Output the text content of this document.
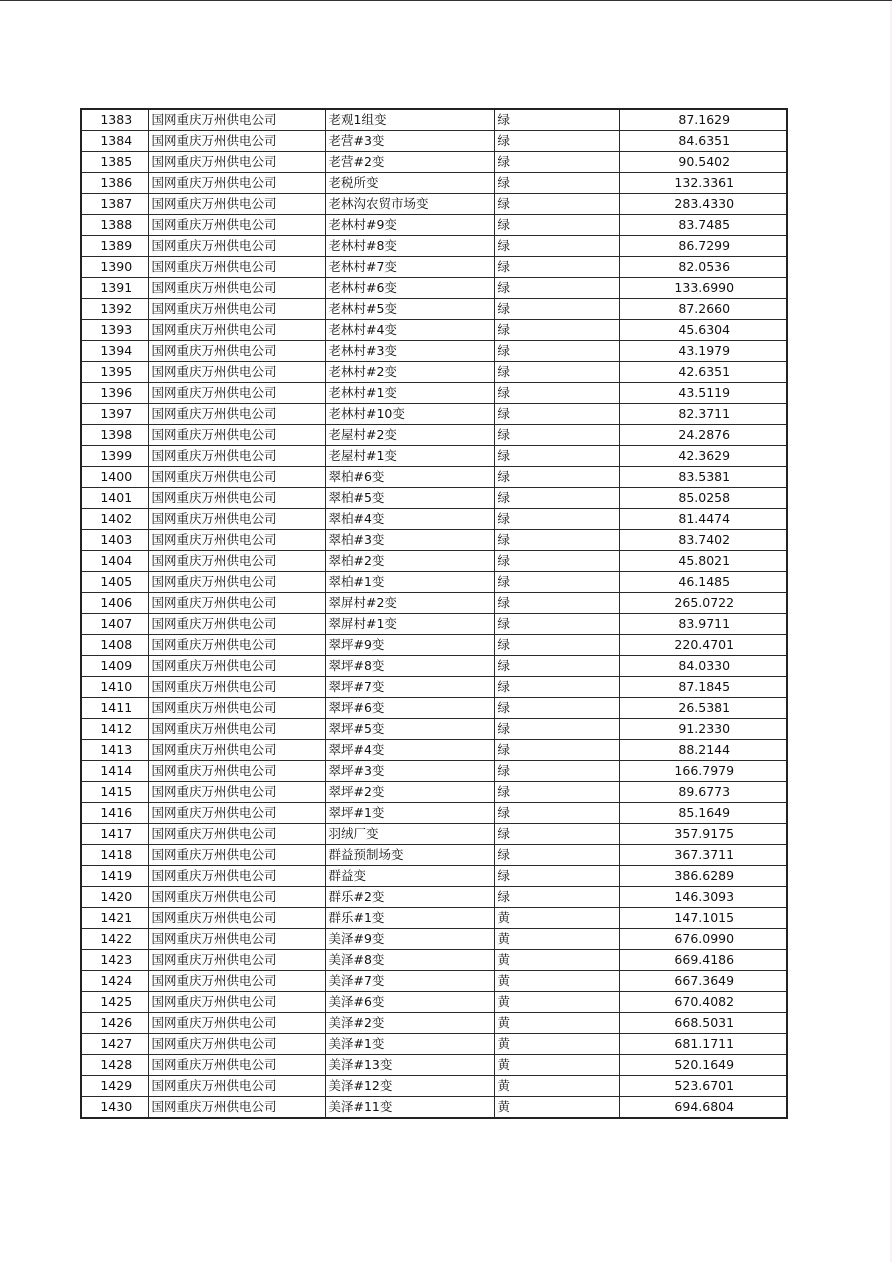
1383	国网重庆万州供电公司	老观1组变	绿	87.1629
1384	国网重庆万州供电公司	老营#3变	绿	84.6351
1385	国网重庆万州供电公司	老营#2变	绿	90.5402
1386	国网重庆万州供电公司	老税所变	绿	132.3361
1387	国网重庆万州供电公司	老林沟农贸市场变	绿	283.4330
1388	国网重庆万州供电公司	老林村#9变	绿	83.7485
1389	国网重庆万州供电公司	老林村#8变	绿	86.7299
1390	国网重庆万州供电公司	老林村#7变	绿	82.0536
1391	国网重庆万州供电公司	老林村#6变	绿	133.6990
1392	国网重庆万州供电公司	老林村#5变	绿	87.2660
1393	国网重庆万州供电公司	老林村#4变	绿	45.6304
1394	国网重庆万州供电公司	老林村#3变	绿	43.1979
1395	国网重庆万州供电公司	老林村#2变	绿	42.6351
1396	国网重庆万州供电公司	老林村#1变	绿	43.5119
1397	国网重庆万州供电公司	老林村#10变	绿	82.3711
1398	国网重庆万州供电公司	老屋村#2变	绿	24.2876
1399	国网重庆万州供电公司	老屋村#1变	绿	42.3629
1400	国网重庆万州供电公司	翠柏#6变	绿	83.5381
1401	国网重庆万州供电公司	翠柏#5变	绿	85.0258
1402	国网重庆万州供电公司	翠柏#4变	绿	81.4474
1403	国网重庆万州供电公司	翠柏#3变	绿	83.7402
1404	国网重庆万州供电公司	翠柏#2变	绿	45.8021
1405	国网重庆万州供电公司	翠柏#1变	绿	46.1485
1406	国网重庆万州供电公司	翠屏村#2变	绿	265.0722
1407	国网重庆万州供电公司	翠屏村#1变	绿	83.9711
1408	国网重庆万州供电公司	翠坪#9变	绿	220.4701
1409	国网重庆万州供电公司	翠坪#8变	绿	84.0330
1410	国网重庆万州供电公司	翠坪#7变	绿	87.1845
1411	国网重庆万州供电公司	翠坪#6变	绿	26.5381
1412	国网重庆万州供电公司	翠坪#5变	绿	91.2330
1413	国网重庆万州供电公司	翠坪#4变	绿	88.2144
1414	国网重庆万州供电公司	翠坪#3变	绿	166.7979
1415	国网重庆万州供电公司	翠坪#2变	绿	89.6773
1416	国网重庆万州供电公司	翠坪#1变	绿	85.1649
1417	国网重庆万州供电公司	羽绒厂变	绿	357.9175
1418	国网重庆万州供电公司	群益预制场变	绿	367.3711
1419	国网重庆万州供电公司	群益变	绿	386.6289
1420	国网重庆万州供电公司	群乐#2变	绿	146.3093
1421	国网重庆万州供电公司	群乐#1变	黄	147.1015
1422	国网重庆万州供电公司	美泽#9变	黄	676.0990
1423	国网重庆万州供电公司	美泽#8变	黄	669.4186
1424	国网重庆万州供电公司	美泽#7变	黄	667.3649
1425	国网重庆万州供电公司	美泽#6变	黄	670.4082
1426	国网重庆万州供电公司	美泽#2变	黄	668.5031
1427	国网重庆万州供电公司	美泽#1变	黄	681.1711
1428	国网重庆万州供电公司	美泽#13变	黄	520.1649
1429	国网重庆万州供电公司	美泽#12变	黄	523.6701
1430	国网重庆万州供电公司	美泽#11变	黄	694.6804
